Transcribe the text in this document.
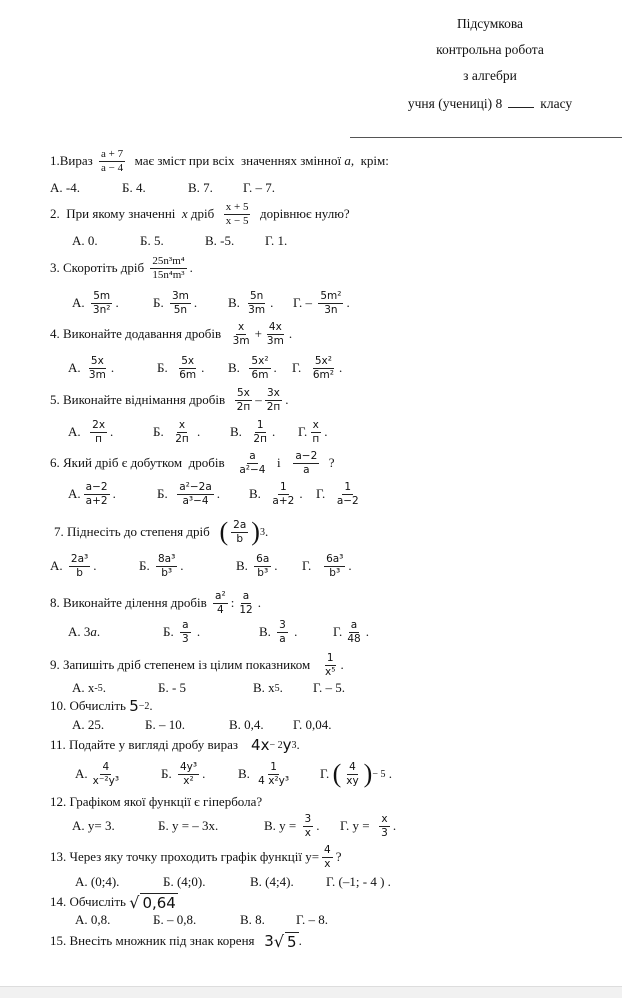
Підсумкова
контрольна робота
з алгебри
учня (учениці) 8	класу
1.Вираз $\frac{a + 7}{a - 4}$ має зміст при всіх  значеннях змінної a, крім:
А. -4.	Б. 4.	В. 7. Г. – 7.
2.  При якому значенні x дріб $\frac{x + 5}{x - 5}$ дорівнює нулю?
А. 0.	Б. 5.	В. -5. Г. 1.
3. Скоротіть дріб $\frac{\text{25n³m⁴}}{\text{15n⁴m³}}$ .
А. $\frac{5m}{\text{3n²}}$ .	Б. $\frac{3m}{5n}$ . В. $\frac{5n}{3m}$ . Г. – $\frac{\text{5m²}}{3n}$ .
4. Виконайте додавання дробів $\frac{x}{3m} + \frac{4x}{3m}$ .
А. $\frac{5x}{3m}$ .	Б. $\frac{5x}{6m}$ . В. $\frac{\text{5x²}}{6m}$ . Г. $\frac{\text{5x²}}{\text{6m²}}$ .
5. Виконайте віднімання дробів $\frac{5x}{2п} - \frac{3x}{2п}$ .
А. $\frac{2x}{п}$ .	Б. $\frac{x}{2п}$ . В. $\frac{1}{2п}$ . Г. $\frac{x}{п}$ .
6. Який дріб є добутком  дробів $\frac{a}{\text{a²−4}}$ і $\frac{a-2}{a}$ ?
А. $\frac{a-2}{a+2}$ .	Б. $\frac{\text{a²−2a}}{\text{a³−4}}$ . В. $\frac{1}{a+2}$ . Г. $\frac{1}{a-2}$
7. Піднесіть до степеня дріб ( $\frac{2a}{b}$ ) 3 .
А. $\frac{\text{2a³}}{b}$ .	Б. $\frac{\text{8a³}}{\text{b³}}$ .	В. $\frac{6a}{\text{b³}}$ . Г. $\frac{\text{6a³}}{\text{b³}}$ .
8. Виконайте ділення дробів $\frac{\text{a²}}{4}$ : $\frac{a}{12}$ .
А. 3 a .	Б. $\frac{a}{3}$ .	В. $\frac{3}{a}$ .	Г. $\frac{a}{48}$ .
9. Запишіть дріб степенем із цілим показником $\frac{1}{\text{x⁵}}$ .
А. x -5 .	Б. - 5	В. x 5 . Г. – 5.
10. Обчисліть 5 −2 .
А. 25.	Б. – 10.	В. 0,4. Г. 0,04.
11. Подайте у вигляді дробу вираз 4x − 2 y 3 .
А. $\frac{4}{\text{x⁻²y³}}$	Б. $\frac{\text{4y³}}{\text{x²}}$ .	В. $\frac{1}{\text{4 x²y³}} Г$. ( $\frac{4}{xy}$ ) − 5 .
12. Графіком якої функції є гіпербола?
А. y= 3.	Б. y = – 3x.	В. $y = \frac{3}{x}$ . Г. $y = \frac{x}{3}$ .
13. Через яку точку проходить графік функції $y= \frac{4}{x}$ ?
А. (0;4).	Б. (4;0).	В. (4;4). Г. (–1; - 4 ) .
14. Обчисліть √ 0,64
А. 0,8.	Б. – 0,8.	В. 8. Г. – 8.
15. Внесіть множник під знак кореня 3 √ 5 .
